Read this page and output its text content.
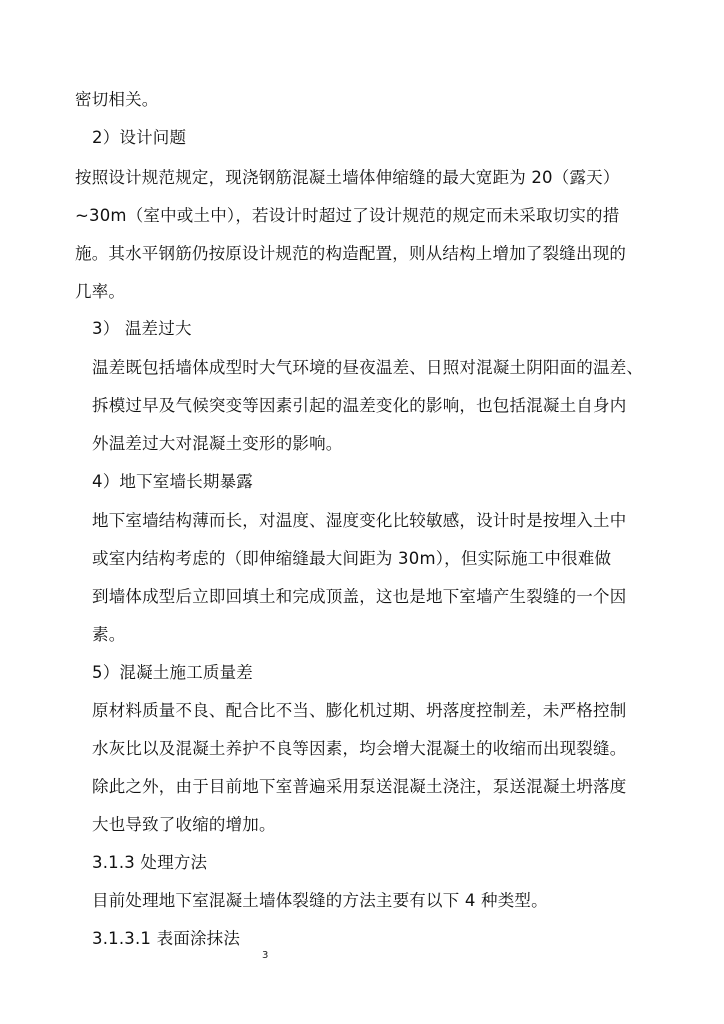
密切相关。
2）设计问题
按照设计规范规定，现浇钢筋混凝土墙体伸缩缝的最大宽距为 20（露天）
~30m（室中或土中），若设计时超过了设计规范的规定而未采取切实的措
施。其水平钢筋仍按原设计规范的构造配置，则从结构上增加了裂缝出现的
几率。
3） 温差过大
温差既包括墙体成型时大气环境的昼夜温差、日照对混凝土阴阳面的温差、
拆模过早及气候突变等因素引起的温差变化的影响，也包括混凝土自身内
外温差过大对混凝土变形的影响。
4）地下室墙长期暴露
地下室墙结构薄而长，对温度、湿度变化比较敏感，设计时是按埋入土中
或室内结构考虑的（即伸缩缝最大间距为 30m），但实际施工中很难做
到墙体成型后立即回填土和完成顶盖，这也是地下室墙产生裂缝的一个因
素。
5）混凝土施工质量差
原材料质量不良、配合比不当、膨化机过期、坍落度控制差，未严格控制
水灰比以及混凝土养护不良等因素，均会增大混凝土的收缩而出现裂缝。
除此之外，由于目前地下室普遍采用泵送混凝土浇注，泵送混凝土坍落度
大也导致了收缩的增加。
3.1.3 处理方法
目前处理地下室混凝土墙体裂缝的方法主要有以下 4 种类型。
3.1.3.1 表面涂抹法
3
